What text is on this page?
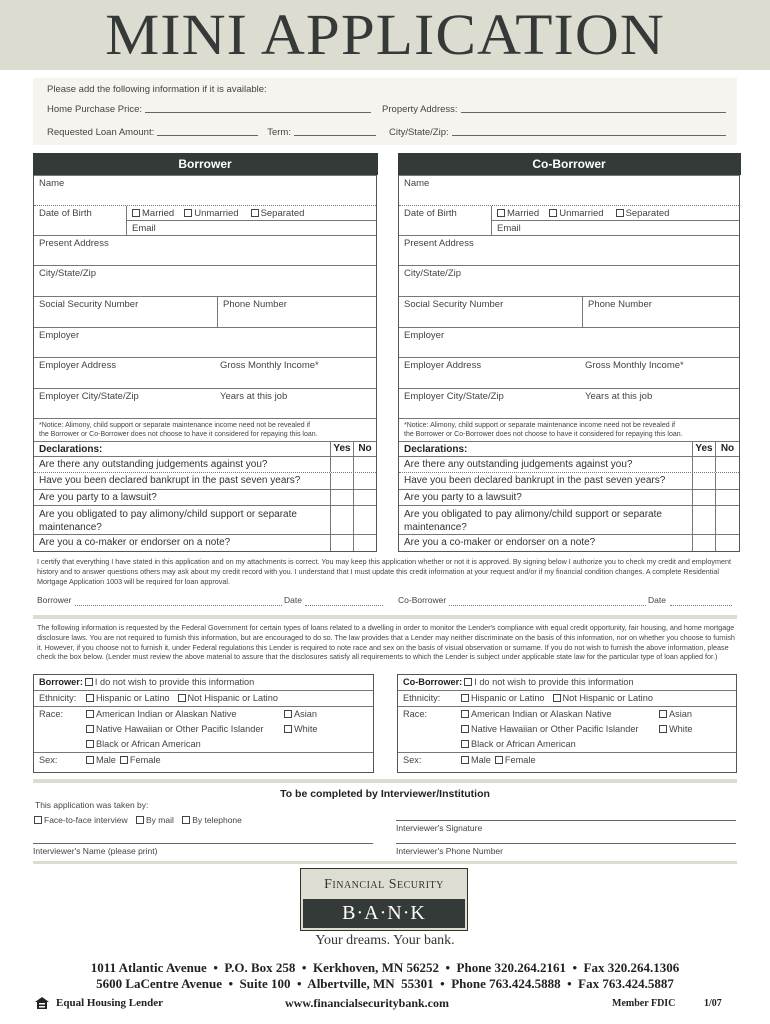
MINI APPLICATION
Please add the following information if it is available:
Home Purchase Price:	Property Address:
Requested Loan Amount:	Term:	City/State/Zip:
Borrower
Name
Date of Birth	Married Unmarried Separated
Email
Present Address
City/State/Zip
Social Security Number	Phone Number
Employer
Employer Address	Gross Monthly Income*
Employer City/State/Zip	Years at this job
*Notice: Alimony, child support or separate maintenance income need not be revealed if
the Borrower or Co-Borrower does not choose to have it considered for repaying this loan.
Declarations:	Yes No
Are there any outstanding judgements against you?
Have you been declared bankrupt in the past seven years?
Are you party to a lawsuit?
Are you obligated to pay alimony/child support or separate maintenance?
Are you a co-maker or endorser on a note?
Co-Borrower
Name
Date of Birth	Married Unmarried Separated
Email
Present Address
City/State/Zip
Social Security Number	Phone Number
Employer
Employer Address	Gross Monthly Income*
Employer City/State/Zip	Years at this job
*Notice: Alimony, child support or separate maintenance income need not be revealed if
the Borrower or Co-Borrower does not choose to have it considered for repaying this loan.
Declarations:	Yes No
Are there any outstanding judgements against you?
Have you been declared bankrupt in the past seven years?
Are you party to a lawsuit?
Are you obligated to pay alimony/child support or separate maintenance?
Are you a co-maker or endorser on a note?
I certify that everything I have stated in this application and on my attachments is correct. You may keep this application whether or not it is approved. By signing below I authorize you to check my credit and employment history and to answer questions others may ask about my credit record with you. I understand that I must update this credit information at your request and/or if my financial condition changes. A complete Residential Mortgage Application 1003 will be required for loan approval.
Borrower	Date	Co-Borrower	Date
The following information is requested by the Federal Government for certain types of loans related to a dwelling in order to monitor the Lender's compliance with equal credit opportunity, fair housing, and home mortgage disclosure laws. You are not required to furnish this information, but are encouraged to do so. The law provides that a Lender may neither discriminate on the basis of this information, nor on whether you choose to furnish it. However, if you choose not to furnish it, under Federal regulations this Lender is required to note race and sex on the basis of visual observation or surname. If you do not wish to furnish the above information, please check the box below. (Lender must review the above material to assure that the disclosures satisfy all requirements to which the Lender is subject under applicable state law for the particular type of loan applied for.)
Borrower: I do not wish to provide this information
Ethnicity:	Hispanic or Latino Not Hispanic or Latino
Race:	American Indian or Alaskan Native	Asian
Native Hawaiian or Other Pacific Islander	White
Black or African American
Sex:	Male Female
Co-Borrower: I do not wish to provide this information
Ethnicity:	Hispanic or Latino Not Hispanic or Latino
Race:	American Indian or Alaskan Native	Asian
Native Hawaiian or Other Pacific Islander	White
Black or African American
Sex:	Male Female
To be completed by Interviewer/Institution
This application was taken by:
Face-to-face interview By mail By telephone
Interviewer's Name (please print)
Interviewer's Signature
Interviewer's Phone Number
Financial Security
B·A·N·K
Your dreams. Your bank.
1011 Atlantic Avenue  •  P.O. Box 258  •  Kerkhoven, MN 56252  •  Phone 320.264.2161  •  Fax 320.264.1306
5600 LaCentre Avenue  •  Suite 100  •  Albertville, MN  55301  •  Phone 763.424.5888  •  Fax 763.424.5887
Equal Housing Lender	www.financialsecuritybank.com	Member FDIC	1/07
